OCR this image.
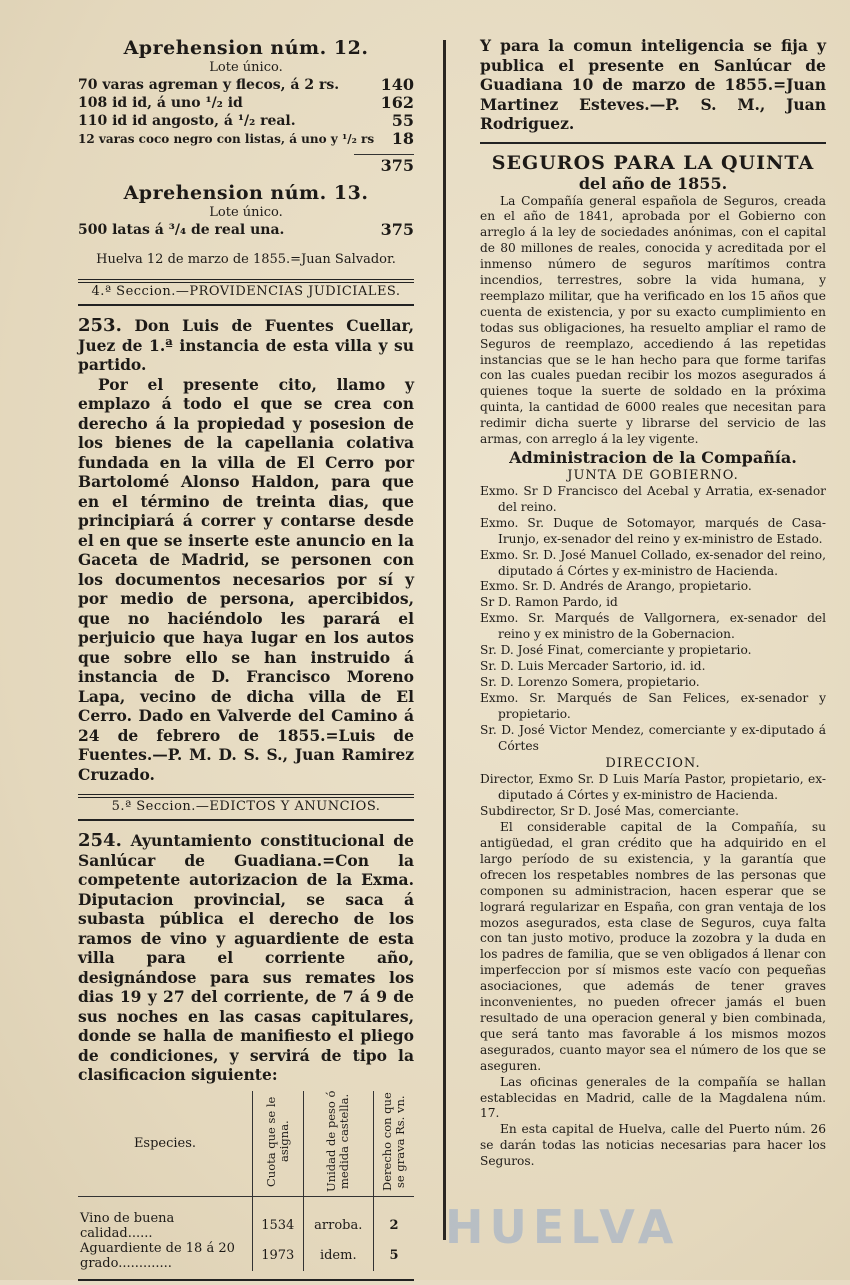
Aprehension núm. 12.
Lote único.
70 varas agreman y flecos, á 2 rs.	140
108 id id, á uno ¹/₂ id	162
110 id id angosto, á ¹/₂ real.	55
12 varas coco negro con listas, á uno y ¹/₂ rs 18
375
Aprehension núm. 13.
Lote único.
500 latas á ³/₄ de real una.	375
Huelva 12 de marzo de 1855.=Juan Salvador.
4.ª Seccion.—PROVIDENCIAS JUDICIALES.

253. Don Luis de Fuentes Cuellar, Juez de 1.ª instancia de esta villa y su partido.

Por el presente cito, llamo y emplazo á todo el que se crea con derecho á la propiedad y posesion de los bienes de la capellania colativa fundada en la villa de El Cerro por Bartolomé Alonso Haldon, para que en el término de treinta dias, que principiará á correr y contarse desde el en que se inserte este anuncio en la Gaceta de Madrid, se personen con los documentos necesarios por sí y por medio de persona, apercibidos, que no haciéndolo les parará el perjuicio que haya lugar en los autos que sobre ello se han instruido á instancia de D. Francisco Moreno Lapa, vecino de dicha villa de El Cerro. Dado en Valverde del Camino á 24 de febrero de 1855.=Luis de Fuentes.—P. M. D. S. S., Juan Ramirez Cruzado.

5.ª Seccion.—EDICTOS Y ANUNCIOS.

254. Ayuntamiento constitucional de Sanlúcar de Guadiana.=Con la competente autorizacion de la Exma. Diputacion provincial, se saca á subasta pública el derecho de los ramos de vino y aguardiente de esta villa para el corriente año, designándose para sus remates los dias 19 y 27 del corriente, de 7 á 9 de sus noches en las casas capitulares, donde se halla de manifiesto el pliego de condiciones, y servirá de tipo la clasificacion siguiente:

Especies.	Cuota que se le asigna.	Unidad de peso ó medida castella.	Derecho con que se grava Rs. vn.
Vino de buena calidad......	1534	arroba.	2
Aguardiente de 18 á 20 grado.............	1973	idem.	5

Y para la comun inteligencia se fija y publica el presente en Sanlúcar de Guadiana 10 de marzo de 1855.=Juan Martinez Esteves.—P. S. M., Juan Rodriguez.

SEGUROS PARA LA QUINTA
del año de 1855.

La Compañía general española de Seguros, creada en el año de 1841, aprobada por el Gobierno con arreglo á la ley de sociedades anónimas, con el capital de 80 millones de reales, conocida y acreditada por el inmenso número de seguros marítimos contra incendios, terrestres, sobre la vida humana, y reemplazo militar, que ha verificado en los 15 años que cuenta de existencia, y por su exacto cumplimiento en todas sus obligaciones, ha resuelto ampliar el ramo de Seguros de reemplazo, accediendo á las repetidas instancias que se le han hecho para que forme tarifas con las cuales puedan recibir los mozos asegurados á quienes toque la suerte de soldado en la próxima quinta, la cantidad de 6000 reales que necesitan para redimir dicha suerte y librarse del servicio de las armas, con arreglo á la ley vigente.

Administracion de la Compañía.
JUNTA DE GOBIERNO.

Exmo. Sr D Francisco del Acebal y Arratia, ex-senador del reino.

Exmo. Sr. Duque de Sotomayor, marqués de Casa-Irunjo, ex-senador del reino y ex-ministro de Estado.

Exmo. Sr. D. José Manuel Collado, ex-senador del reino, diputado á Córtes y ex-ministro de Hacienda.

Exmo. Sr. D. Andrés de Arango, propietario.

Sr D. Ramon Pardo, id

Exmo. Sr. Marqués de Vallgornera, ex-senador del reino y ex ministro de la Gobernacion.

Sr. D. José Finat, comerciante y propietario.

Sr. D. Luis Mercader Sartorio, id. id.

Sr. D. Lorenzo Somera, propietario.

Exmo. Sr. Marqués de San Felices, ex-senador y propietario.

Sr. D. José Victor Mendez, comerciante y ex-diputado á Córtes

DIRECCION.

Director, Exmo Sr. D Luis María Pastor, propietario, ex-diputado á Córtes y ex-ministro de Hacienda.

Subdirector, Sr D. José Mas, comerciante.

El considerable capital de la Compañía, su antigüedad, el gran crédito que ha adquirido en el largo período de su existencia, y la garantía que ofrecen los respetables nombres de las personas que componen su administracion, hacen esperar que se logrará regularizar en España, con gran ventaja de los mozos asegurados, esta clase de Seguros, cuya falta con tan justo motivo, produce la zozobra y la duda en los padres de familia, que se ven obligados á llenar con imperfeccion por sí mismos este vacío con pequeñas asociaciones, que además de tener graves inconvenientes, no pueden ofrecer jamás el buen resultado de una operacion general y bien combinada, que será tanto mas favorable á los mismos mozos asegurados, cuanto mayor sea el número de los que se aseguren.

Las oficinas generales de la compañía se hallan establecidas en Madrid, calle de la Magdalena núm. 17.

En esta capital de Huelva, calle del Puerto núm. 26 se darán todas las noticias necesarias para hacer los Seguros.

HUELVA
